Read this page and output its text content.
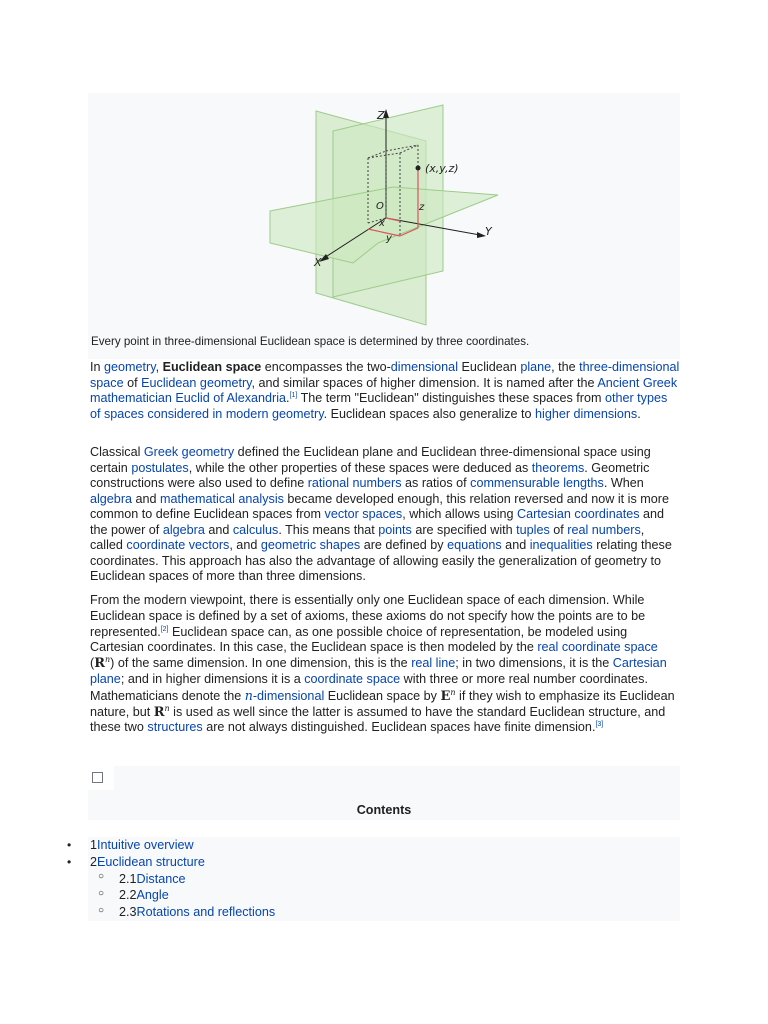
Z
Y
X
O
(x,y,z)
z
x
y
Every point in three-dimensional Euclidean space is determined by three coordinates.

In geometry, Euclidean space encompasses the two-dimensional Euclidean plane, the three-dimensional space of Euclidean geometry, and similar spaces of higher dimension. It is named after the Ancient Greek mathematician Euclid of Alexandria.[1] The term "Euclidean" distinguishes these spaces from other types of spaces considered in modern geometry. Euclidean spaces also generalize to higher dimensions.

Classical Greek geometry defined the Euclidean plane and Euclidean three-dimensional space using certain postulates, while the other properties of these spaces were deduced as theorems. Geometric constructions were also used to define rational numbers as ratios of commensurable lengths. When algebra and mathematical analysis became developed enough, this relation reversed and now it is more common to define Euclidean spaces from vector spaces, which allows using Cartesian coordinates and the power of algebra and calculus. This means that points are specified with tuples of real numbers, called coordinate vectors, and geometric shapes are defined by equations and inequalities relating these coordinates. This approach has also the advantage of allowing easily the generalization of geometry to Euclidean spaces of more than three dimensions.

From the modern viewpoint, there is essentially only one Euclidean space of each dimension. While Euclidean space is defined by a set of axioms, these axioms do not specify how the points are to be represented.[2] Euclidean space can, as one possible choice of representation, be modeled using Cartesian coordinates. In this case, the Euclidean space is then modeled by the real coordinate space $(R^n)$ of the same dimension. In one dimension, this is the real line; in two dimensions, it is the Cartesian plane; and in higher dimensions it is a coordinate space with three or more real number coordinates. Mathematicians denote the n-dimensional Euclidean space by $E^n$ if they wish to emphasize its Euclidean nature, but $R^n$ is used as well since the latter is assumed to have the standard Euclidean structure, and these two structures are not always distinguished. Euclidean spaces have finite dimension.[3]

Contents
• 1Intuitive overview
• 2Euclidean structure
○ 2.1Distance
○ 2.2Angle
○ 2.3Rotations and reflections
